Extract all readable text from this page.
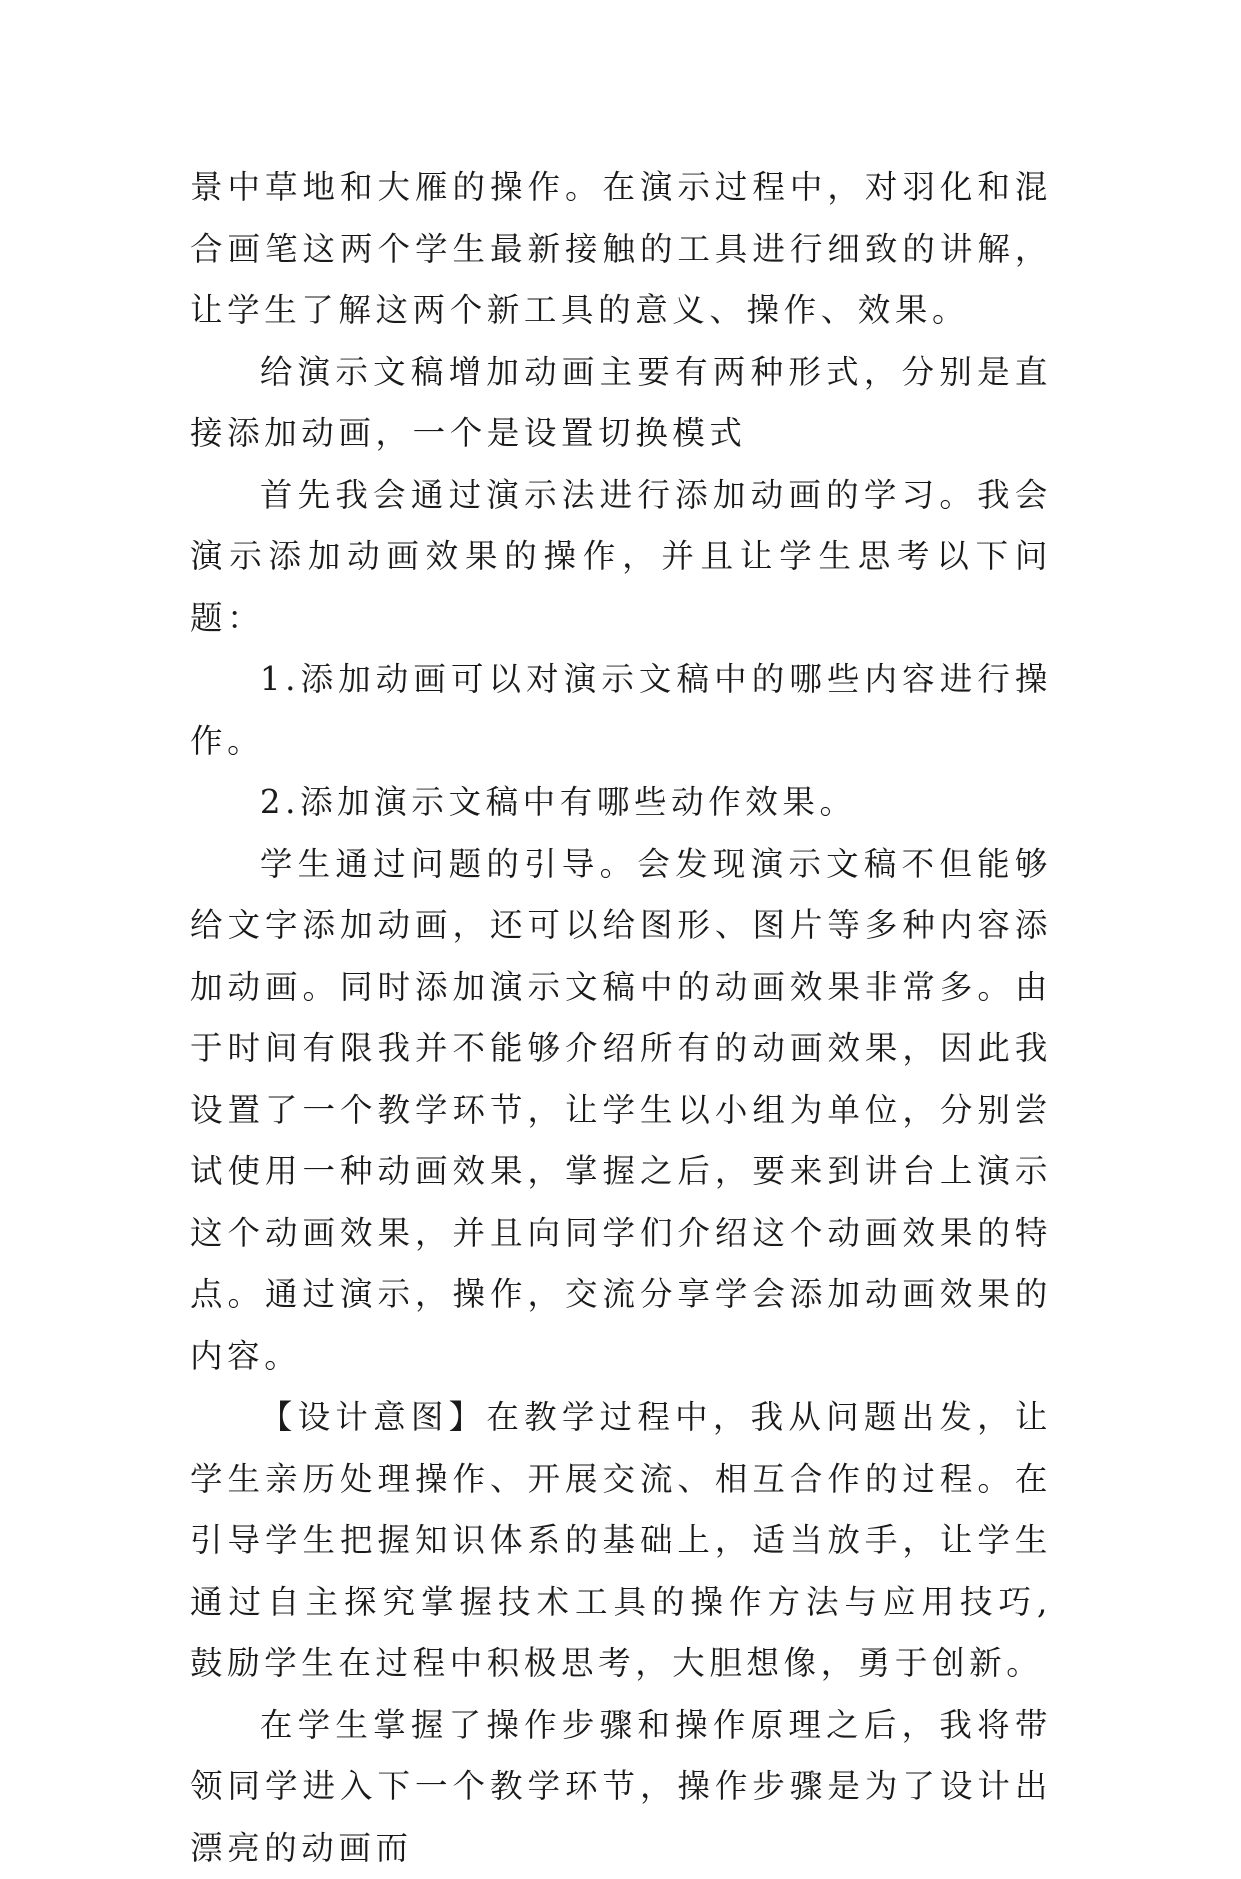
景中草地和大雁的操作。在演示过程中，对羽化和混合画笔这两个学生最新接触的工具进行细致的讲解，让学生了解这两个新工具的意义、操作、效果。

给演示文稿增加动画主要有两种形式，分别是直接添加动画，一个是设置切换模式

首先我会通过演示法进行添加动画的学习。我会演示添加动画效果的操作，并且让学生思考以下问题：

1.添加动画可以对演示文稿中的哪些内容进行操作。

2.添加演示文稿中有哪些动作效果。

学生通过问题的引导。会发现演示文稿不但能够给文字添加动画，还可以给图形、图片等多种内容添加动画。同时添加演示文稿中的动画效果非常多。由于时间有限我并不能够介绍所有的动画效果，因此我设置了一个教学环节，让学生以小组为单位，分别尝试使用一种动画效果，掌握之后，要来到讲台上演示这个动画效果，并且向同学们介绍这个动画效果的特点。通过演示，操作，交流分享学会添加动画效果的内容。

【设计意图】在教学过程中，我从问题出发，让学生亲历处理操作、开展交流、相互合作的过程。在引导学生把握知识体系的基础上，适当放手，让学生通过自主探究掌握技术工具的操作方法与应用技巧,鼓励学生在过程中积极思考，大胆想像，勇于创新。

在学生掌握了操作步骤和操作原理之后，我将带领同学进入下一个教学环节，操作步骤是为了设计出漂亮的动画而
